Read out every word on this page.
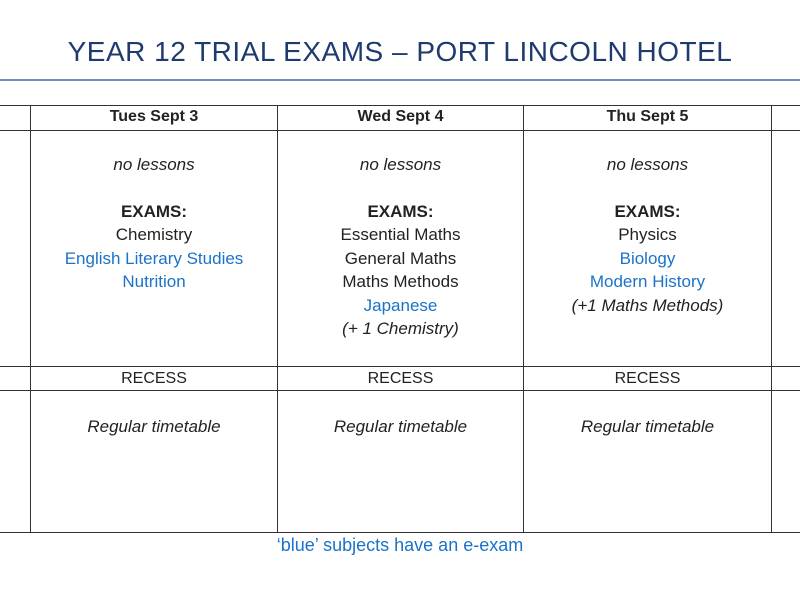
YEAR 12 TRIAL EXAMS – PORT LINCOLN HOTEL
Tues Sept 3
no lessons
EXAMS:
Chemistry
English Literary Studies
Nutrition
RECESS
Regular timetable
Wed Sept 4
no lessons
EXAMS:
Essential Maths
General Maths
Maths Methods
Japanese
(+ 1 Chemistry)
RECESS
Regular timetable
Thu Sept 5
no lessons
EXAMS:
Physics
Biology
Modern History
(+1 Maths Methods)
RECESS
Regular timetable
‘blue’ subjects have an e-exam
